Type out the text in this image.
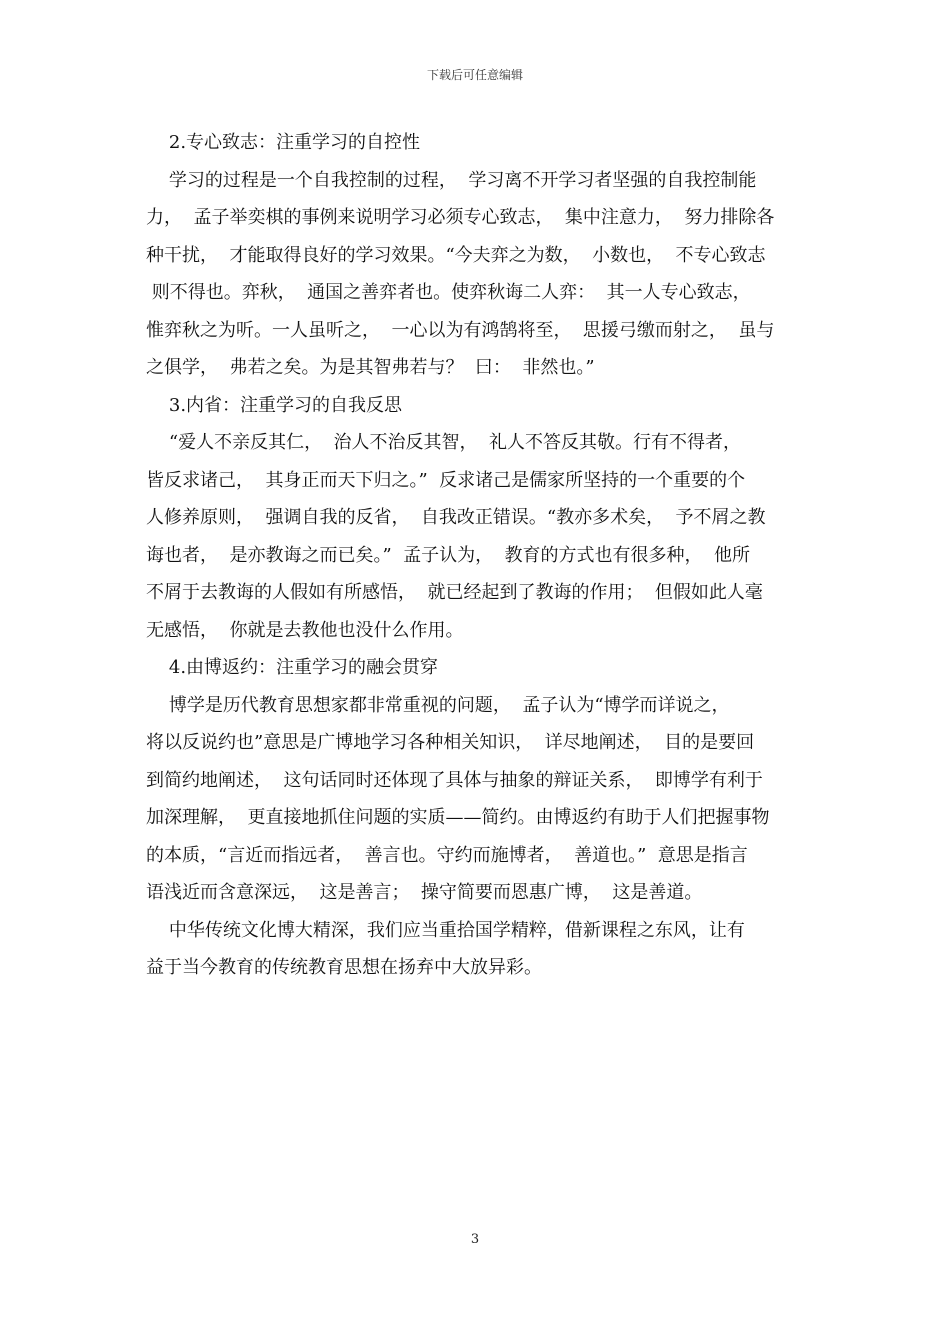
下载后可任意编辑
2.专心致志：注重学习的自控性
学习的过程是一个自我控制的过程，  学习离不开学习者坚强的自我控制能
力，  孟子举奕棋的事例来说明学习必须专心致志，  集中注意力，  努力排除各
种干扰，  才能取得良好的学习效果。“今夫弈之为数，  小数也，  不专心致志
则不得也。弈秋，  通国之善弈者也。使弈秋诲二人弈：  其一人专心致志，
惟弈秋之为听。一人虽听之，  一心以为有鸿鹄将至，  思援弓缴而射之，  虽与
之俱学，  弗若之矣。为是其智弗若与？  曰：  非然也。”
3.内省：注重学习的自我反思
“爱人不亲反其仁，  治人不治反其智，  礼人不答反其敬。行有不得者，
皆反求诸己，  其身正而天下归之。”  反求诸己是儒家所坚持的一个重要的个
人修养原则，  强调自我的反省，  自我改正错误。“教亦多术矣，  予不屑之教
诲也者，  是亦教诲之而已矣。”  孟子认为，  教育的方式也有很多种，  他所
不屑于去教诲的人假如有所感悟，  就已经起到了教诲的作用；  但假如此人毫
无感悟，  你就是去教他也没什么作用。
4.由博返约：注重学习的融会贯穿
博学是历代教育思想家都非常重视的问题，  孟子认为“博学而详说之，
将以反说约也”意思是广博地学习各种相关知识，  详尽地阐述，  目的是要回
到简约地阐述，  这句话同时还体现了具体与抽象的辩证关系，  即博学有利于
加深理解，  更直接地抓住问题的实质——简约。由博返约有助于人们把握事物
的本质，“言近而指远者，  善言也。守约而施博者，  善道也。”  意思是指言
语浅近而含意深远，  这是善言；  操守简要而恩惠广博，  这是善道。
中华传统文化博大精深，我们应当重拾国学精粹，借新课程之东风，让有
益于当今教育的传统教育思想在扬弃中大放异彩。
3
